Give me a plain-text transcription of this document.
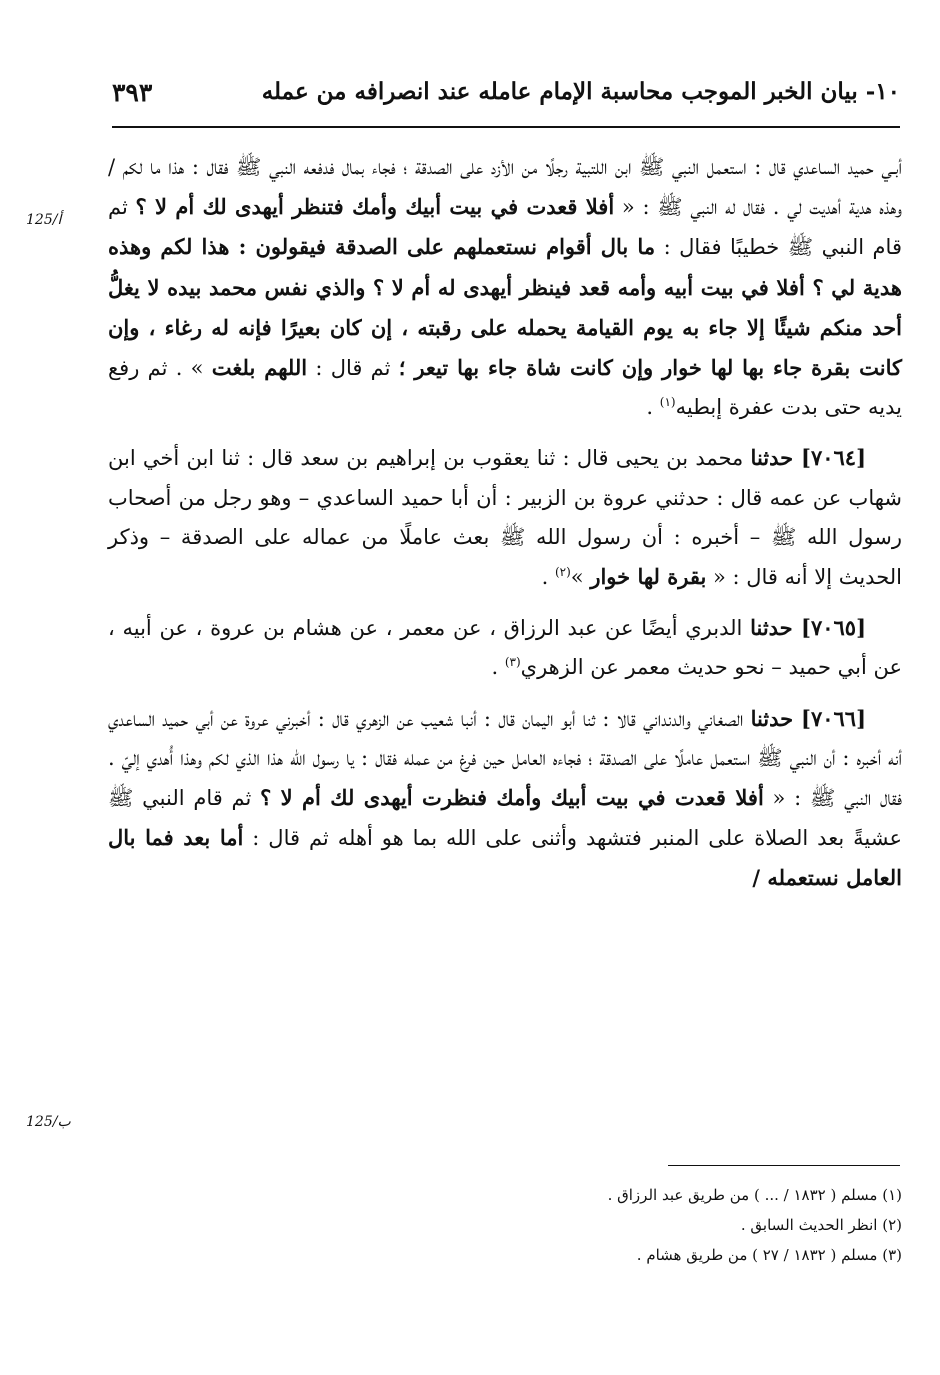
١٠- بيان الخبر الموجب محاسبة الإمام عامله عند انصرافه من عمله
٣٩٣
125/أ
125/ب

أبـي حميد الساعدي قال : استعمل النبي ﷺ ابن اللتبية رجلًا من الأزد على الصدقة ؛ فجاء بمال فدفعه النبي ﷺ فقال : هذا ما لكم / وهذه هدية أهديت لي . فقال له النبي ﷺ : « أفلا قعدت في بيت أبيك وأمك فتنظر أيهدى لك أم لا ؟ ثم قام النبي ﷺ خطيبًا فقال : ما بال أقوام نستعملهم على الصدقة فيقولون : هذا لكم وهذه هدية لي ؟ أفلا في بيت أبيه وأمه قعد فينظر أيهدى له أم لا ؟ والذي نفس محمد بيده لا يغلُّ أحد منكم شيئًا إلا جاء به يوم القيامة يحمله على رقبته ، إن كان بعيرًا فإنه له رغاء ، وإن كانت بقرة جاء بها لها خوار وإن كانت شاة جاء بها تيعر ؛ ثم قال : اللهم بلغت » . ثم رفع يديه حتى بدت عفرة إبطيه$^{(١)}$ .

[٧٠٦٤] حدثنا محمد بن يحيى قال : ثنا يعقوب بن إبراهيم بن سعد قال : ثنا ابن أخي ابن شهاب عن عمه قال : حدثني عروة بن الزبير : أن أبا حميد الساعدي – وهو رجل من أصحاب رسول الله ﷺ – أخبره : أن رسول الله ﷺ بعث عاملًا من عماله على الصدقة – وذكر الحديث إلا أنه قال : « بقرة لها خوار »$^{(٢)}$ .

[٧٠٦٥] حدثنا الدبري أيضًا عن عبد الرزاق ، عن معمر ، عن هشام بن عروة ، عن أبيه ، عن أبي حميد – نحو حديث معمر عن الزهري$^{(٣)}$ .

[٧٠٦٦] حدثنا الصغاني والدنداني قالا : ثنا أبو اليمان قال : أنبا شعيب عن الزهري قال : أخبرني عروة عن أبي حميد الساعدي أنه أخبره : أن النبي ﷺ استعمل عاملًا على الصدقة ؛ فجاءه العامل حين فرغ من عمله فقال : يا رسول الله هذا الذي لكم وهذا أُهدي إليّ . فقال النبي ﷺ : « أفلا قعدت في بيت أبيك وأمك فنظرت أيهدى لك أم لا ؟ ثم قام النبي ﷺ عشيةً بعد الصلاة على المنبر فتشهد وأثنى على الله بما هو أهله ثم قال : أما بعد فما بال العامل نستعمله /

(١) مسلم ( ١٨٣٢ / ... ) من طريق عبد الرزاق .

(٢) انظر الحديث السابق .

(٣) مسلم ( ١٨٣٢ / ٢٧ ) من طريق هشام .
